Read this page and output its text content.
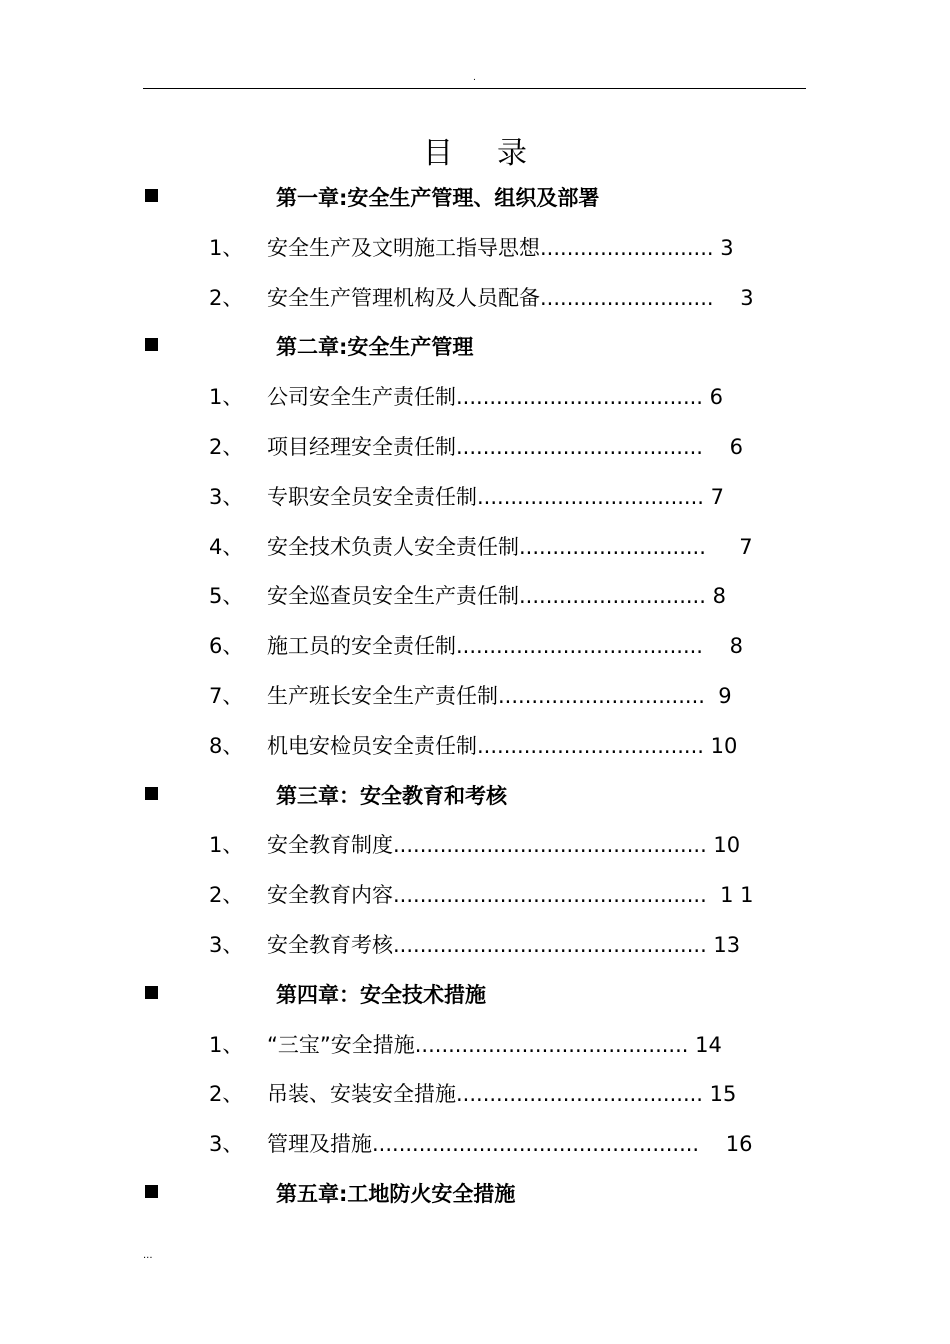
.
目录
第一章:安全生产管理、组织及部署
1、 安全生产及文明施工指导思想.......................... 3
2、 安全生产管理机构及人员配备..........................    3
第二章:安全生产管理
1、 公司安全生产责任制..................................... 6
2、 项目经理安全责任制.....................................    6
3、 专职安全员安全责任制.................................. 7
4、 安全技术负责人安全责任制............................     7
5、 安全巡查员安全生产责任制............................ 8
6、 施工员的安全责任制.....................................    8
7、 生产班长安全生产责任制...............................  9
8、 机电安检员安全责任制.................................. 10
第三章：安全教育和考核
1、 安全教育制度............................................... 10
2、 安全教育内容...............................................  1 1
3、 安全教育考核............................................... 13
第四章：安全技术措施
1、 “三宝”安全措施......................................... 14
2、 吊装、安装安全措施..................................... 15
3、 管理及措施.................................................    16
第五章:工地防火安全措施
...
